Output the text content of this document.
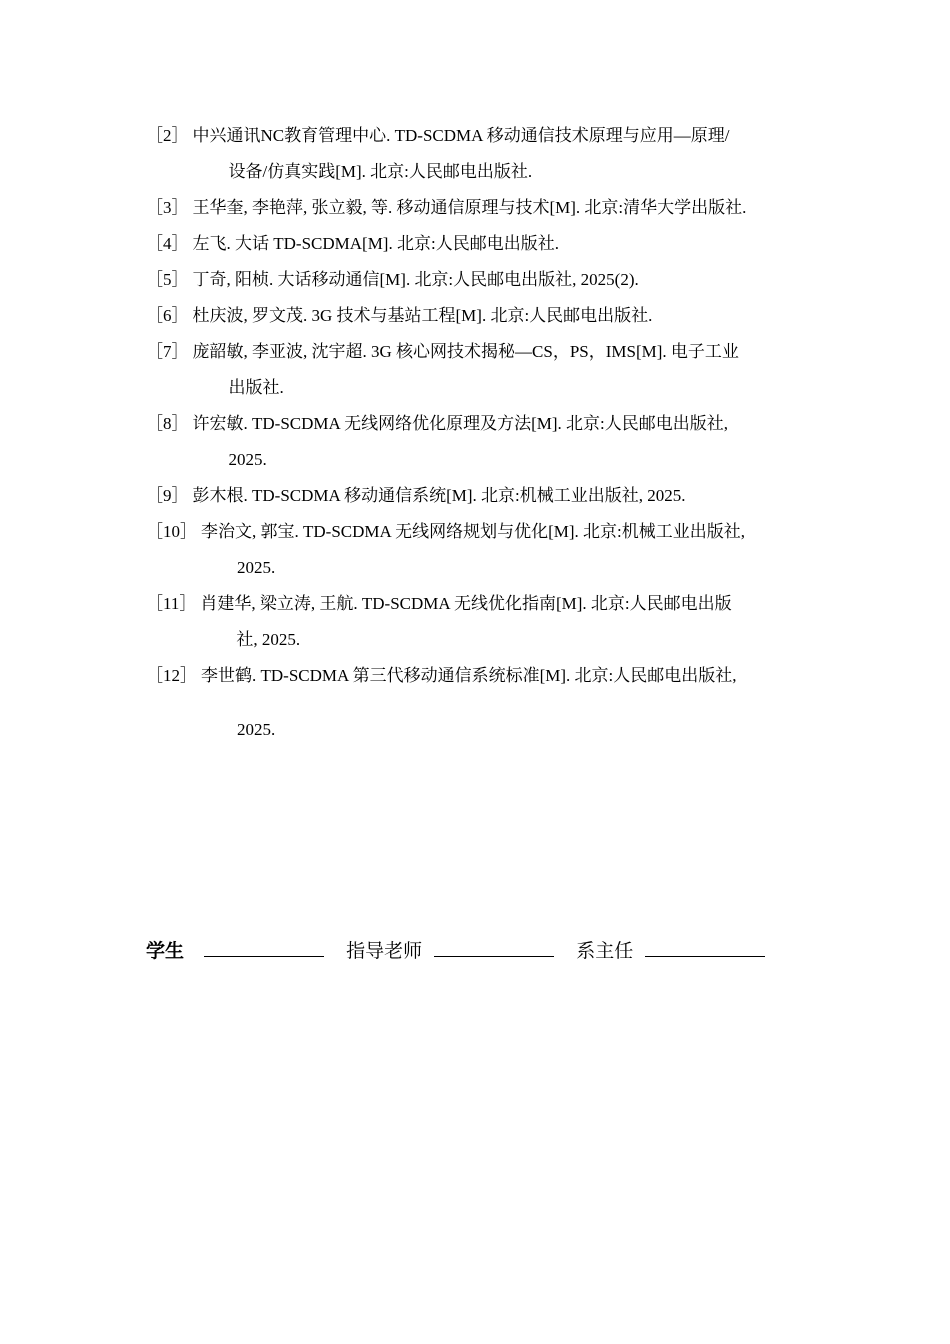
［2］ 中兴通讯NC教育管理中心. TD-SCDMA 移动通信技术原理与应用—原理/
设备/仿真实践[M]. 北京:人民邮电出版社.
［3］ 王华奎, 李艳萍, 张立毅, 等. 移动通信原理与技术[M]. 北京:清华大学出版社.
［4］ 左飞. 大话 TD-SCDMA[M]. 北京:人民邮电出版社.
［5］ 丁奇, 阳桢. 大话移动通信[M]. 北京:人民邮电出版社, 2025(2).
［6］ 杜庆波, 罗文茂. 3G 技术与基站工程[M]. 北京:人民邮电出版社.
［7］ 庞韶敏, 李亚波, 沈宇超. 3G 核心网技术揭秘—CS，PS，IMS[M]. 电子工业
出版社.
［8］ 许宏敏. TD-SCDMA 无线网络优化原理及方法[M]. 北京:人民邮电出版社,
2025.
［9］ 彭木根. TD-SCDMA 移动通信系统[M]. 北京:机械工业出版社, 2025.
［10］ 李治文, 郭宝. TD-SCDMA 无线网络规划与优化[M]. 北京:机械工业出版社,
2025.
［11］ 肖建华, 梁立涛, 王航. TD-SCDMA 无线优化指南[M]. 北京:人民邮电出版
社, 2025.
［12］ 李世鹤. TD-SCDMA 第三代移动通信系统标准[M]. 北京:人民邮电出版社,
2025.
学生	指导老师	系主任
